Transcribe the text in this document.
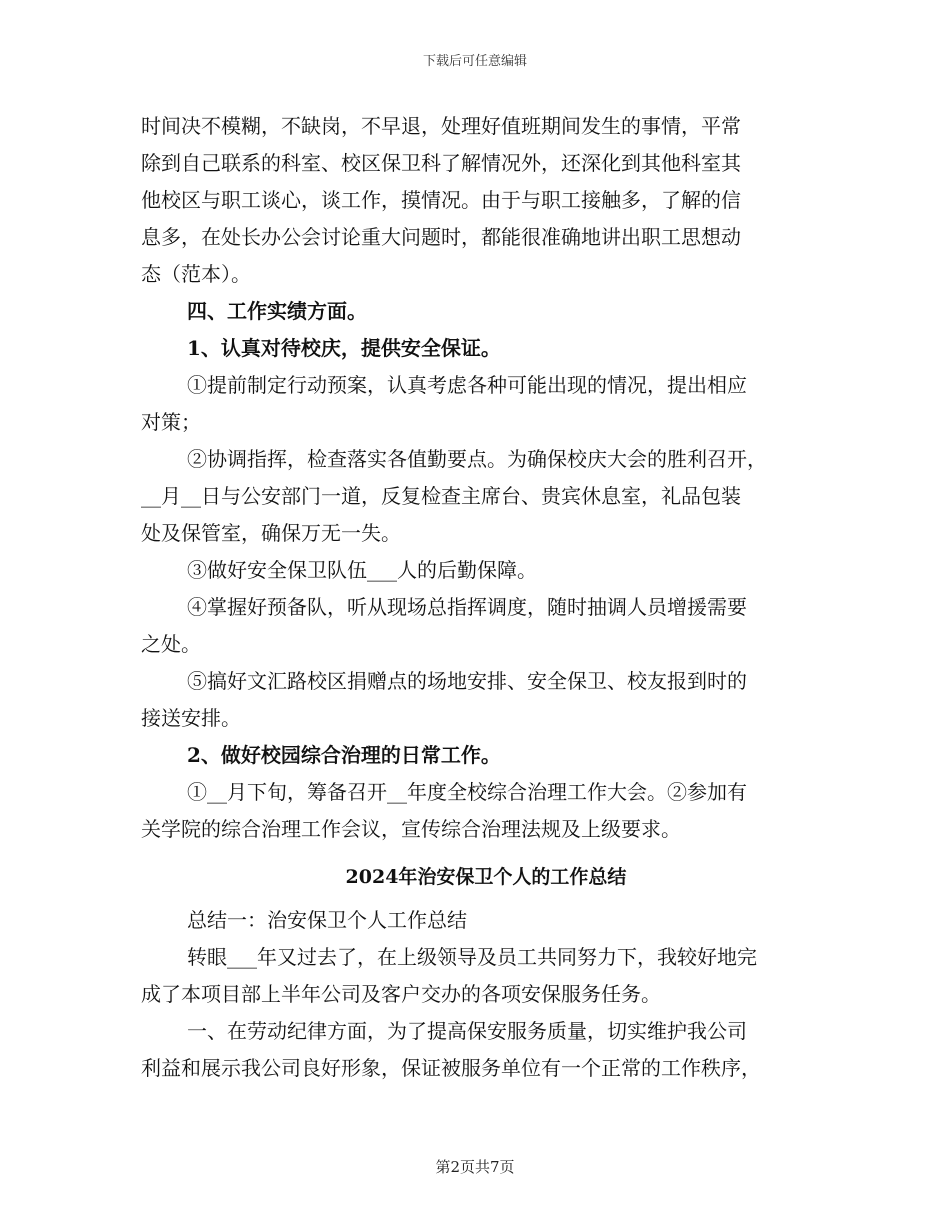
下载后可任意编辑

时间决不模糊，不缺岗，不早退，处理好值班期间发生的事情，平常

除到自己联系的科室、校区保卫科了解情况外，还深化到其他科室其

他校区与职工谈心，谈工作，摸情况。由于与职工接触多，了解的信

息多，在处长办公会讨论重大问题时，都能很准确地讲出职工思想动

态（范本）。

四、工作实绩方面。

1、认真对待校庆，提供安全保证。

①提前制定行动预案，认真考虑各种可能出现的情况，提出相应

对策；

②协调指挥，检查落实各值勤要点。为确保校庆大会的胜利召开，

__月__日与公安部门一道，反复检查主席台、贵宾休息室，礼品包装

处及保管室，确保万无一失。

③做好安全保卫队伍___人的后勤保障。

④掌握好预备队，听从现场总指挥调度，随时抽调人员增援需要

之处。

⑤搞好文汇路校区捐赠点的场地安排、安全保卫、校友报到时的

接送安排。

2、做好校园综合治理的日常工作。

①__月下旬，筹备召开__年度全校综合治理工作大会。②参加有

关学院的综合治理工作会议，宣传综合治理法规及上级要求。

2024年治安保卫个人的工作总结

总结一：治安保卫个人工作总结

转眼___年又过去了，在上级领导及员工共同努力下，我较好地完

成了本项目部上半年公司及客户交办的各项安保服务任务。

一、在劳动纪律方面，为了提高保安服务质量，切实维护我公司

利益和展示我公司良好形象，保证被服务单位有一个正常的工作秩序，

第2页共7页
